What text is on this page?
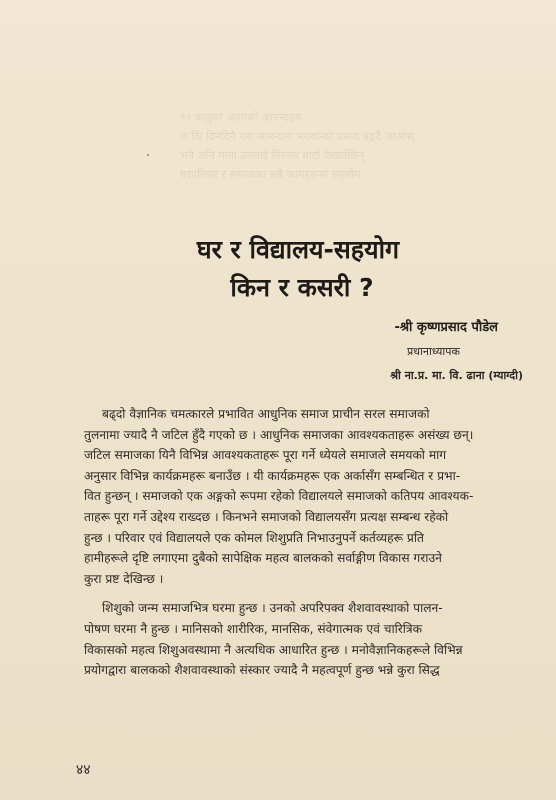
९२ बालुको आमाको आनन्दहरू
छ कि दिनदिनै यस आनन्दमा भगवान्को प्रसाद बढ्दै जाओस्
भने अनि माता उनलाई निरन्तर बाटो देखाउँछिन्
घरपरिवार र समाजका सबै कामहरूमा सहयोग
घर र विद्यालय-सहयोग
किन र कसरी ?
-श्री कृष्णप्रसाद पौडेल
प्रधानाध्यापक
श्री ना.प्र. मा. वि. ढाना (म्याग्दी)

बढ्दो वैज्ञानिक चमत्कारले प्रभावित आधुनिक समाज प्राचीन सरल समाजको
तुलनामा ज्यादै नै जटिल हुँदै गएको छ । आधुनिक समाजका आवश्यकताहरू असंख्य छन्।
जटिल समाजका यिनै विभिन्न आवश्यकताहरू पूरा गर्ने ध्येयले समाजले समयको माग
अनुसार विभिन्न कार्यक्रमहरू बनाउँछ । यी कार्यक्रमहरू एक अर्कासँग सम्बन्धित र प्रभा-
वित हुन्छन् । समाजको एक अङ्गको रूपमा रहेको विद्यालयले समाजको कतिपय आवश्यक-
ताहरू पूरा गर्ने उद्देश्य राख्दछ । किनभने समाजको विद्यालयसँग प्रत्यक्ष सम्बन्ध रहेको
हुन्छ । परिवार एवं विद्यालयले एक कोमल शिशुप्रति निभाउनुपर्ने कर्तव्यहरू प्रति
हामीहरूले दृष्टि लगाएमा दुबैको सापेक्षिक महत्व बालकको सर्वाङ्गीण विकास गराउने
कुरा प्रष्ट देखिन्छ ।

शिशुको जन्म समाजभित्र घरमा हुन्छ । उनको अपरिपक्व शैशवावस्थाको पालन-
पोषण घरमा नै हुन्छ । मानिसको शारीरिक, मानसिक, संवेगात्मक एवं चारित्रिक
विकासको महत्व शिशुअवस्थामा नै अत्यधिक आधारित हुन्छ । मनोवैज्ञानिकहरूले विभिन्न
प्रयोगद्वारा बालकको शैशवावस्थाको संस्कार ज्यादै नै महत्वपूर्ण हुन्छ भन्ने कुरा सिद्ध

४४
